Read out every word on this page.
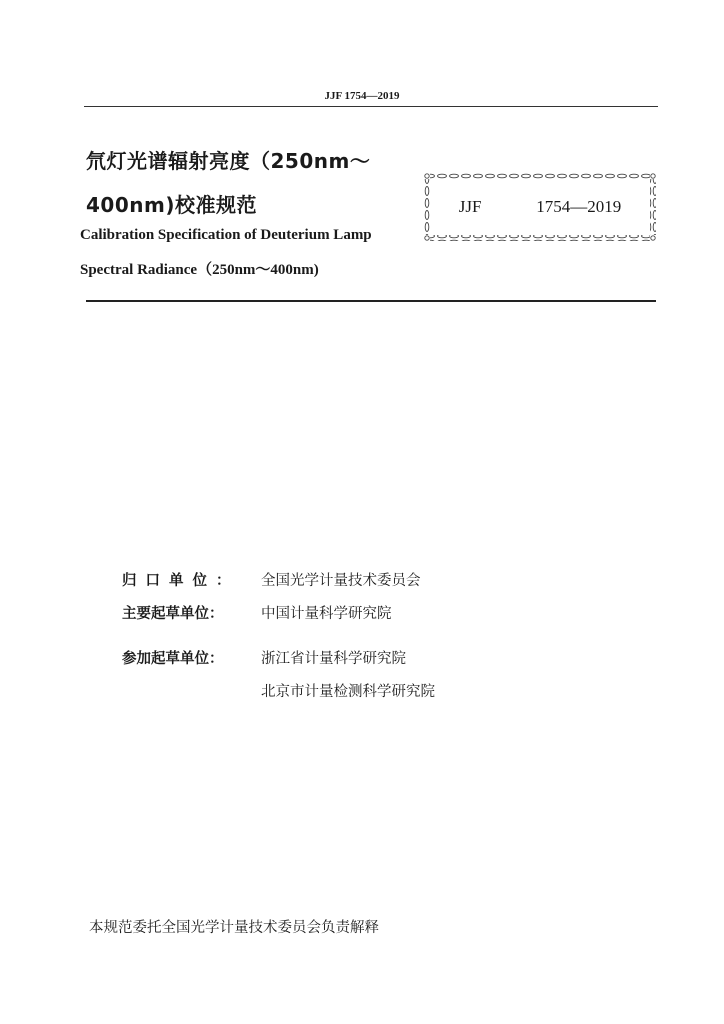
JJF 1754—2019
氘灯光谱辐射亮度（250nm～
400nm)校准规范
Calibration Specification of Deuterium Lamp
Spectral Radiance（250nm～400nm)
JJF
	1754—2019
归口单位： 全国光学计量技术委员会
主要起草单位：	中国计量科学研究院
参加起草单位：	浙江省计量科学研究院
北京市计量检测科学研究院
本规范委托全国光学计量技术委员会负责解释
